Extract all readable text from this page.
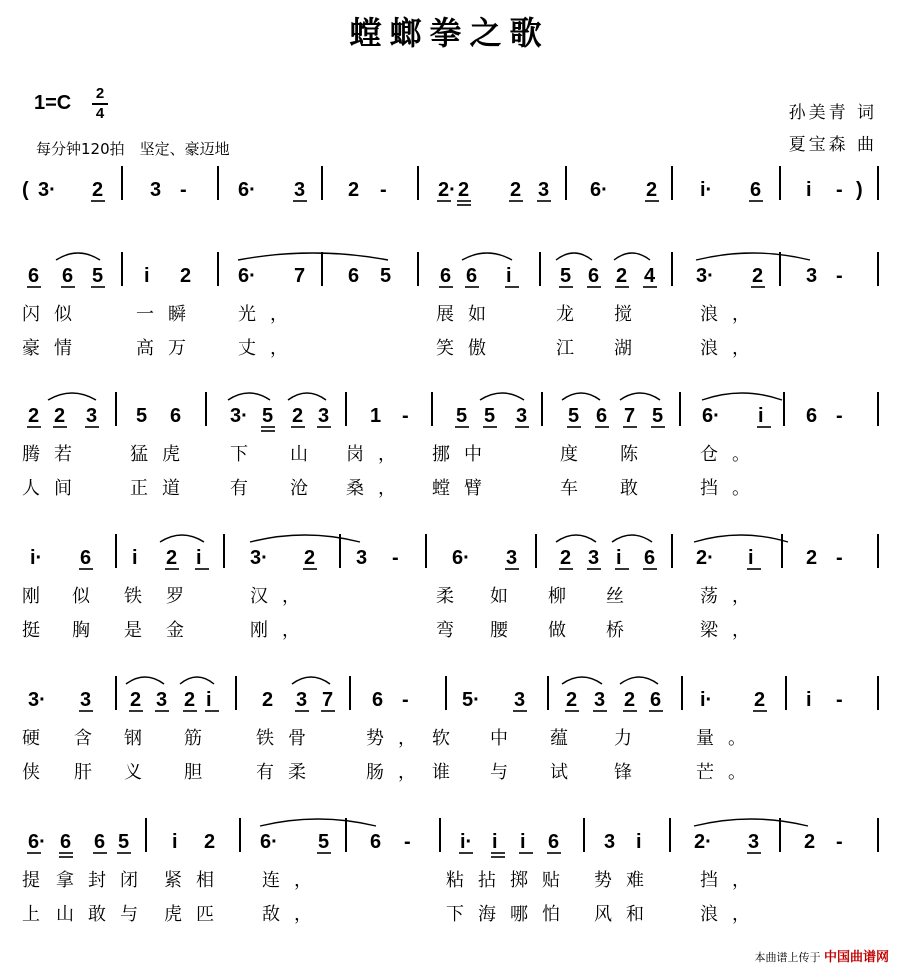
螳螂拳之歌
1=C 2
4
每分钟120拍　坚定、豪迈地
孙美青 词
夏宝森 曲
( 3· 2 3 -	6· 3 2 -	2· 2 2 3 6· 2 i· 6 i - )
6 6 5 i 2 6· 7 6 5 6 6 i 5 6 2 4 3· 2 3 -
闪似	一瞬 光，	展如	龙 搅	浪，
豪情	高万 丈，	笑傲	江 湖	浪，
2 2 3 5 6 3· 5 2 3 1 - 5 5 3 5 6 7 5 6· i 6 -
腾若 猛虎 下 山 岗， 挪中	度 陈	仓。
人间 正道 有 沧 桑， 螳臂	车 敢	挡。
i· 6 i 2 i 3· 2 3 -	6· 3 2 3 i 6 2· i	2 -
刚 似 铁 罗	汉，	柔 如 柳 丝	荡，
挺 胸 是 金	刚，	弯 腰 做 桥	梁，
3· 3 2 3 2 i	2 3 7 6 -	5· 3 2 3 2 6 i· 2 i -
硬 含 钢 筋 铁骨	势， 软 中 蕴 力	量。
侠 肝 义 胆 有柔	肠， 谁 与 试 锋	芒。
6· 6 6 5 i 2 6· 5 6 - i· i i 6 3 i	2· 3 2 -
提 拿封闭 紧相 连，	粘拈掷贴 势难 挡，
上 山敢与 虎匹 敌，	下海哪怕 风和 浪，
本曲谱上传于 中国曲谱网
